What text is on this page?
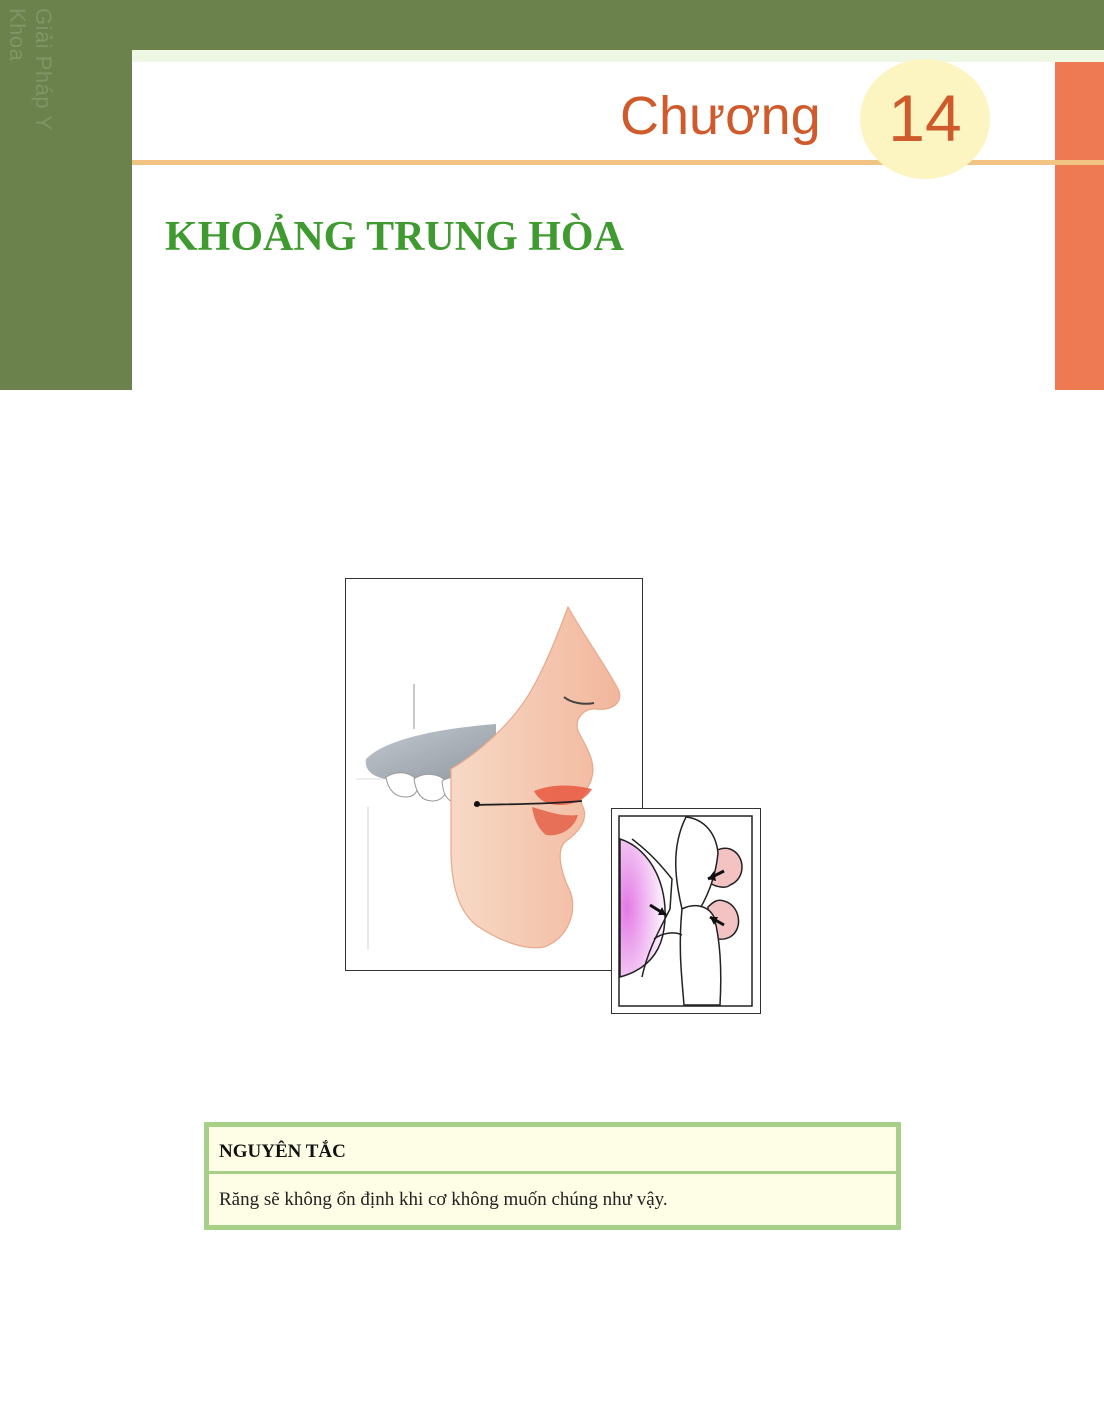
Giải Pháp Y Khoa
Chương	14
KHOẢNG TRUNG HÒA
NGUYÊN TẮC
Răng sẽ không ổn định khi cơ không muốn chúng như vậy.
